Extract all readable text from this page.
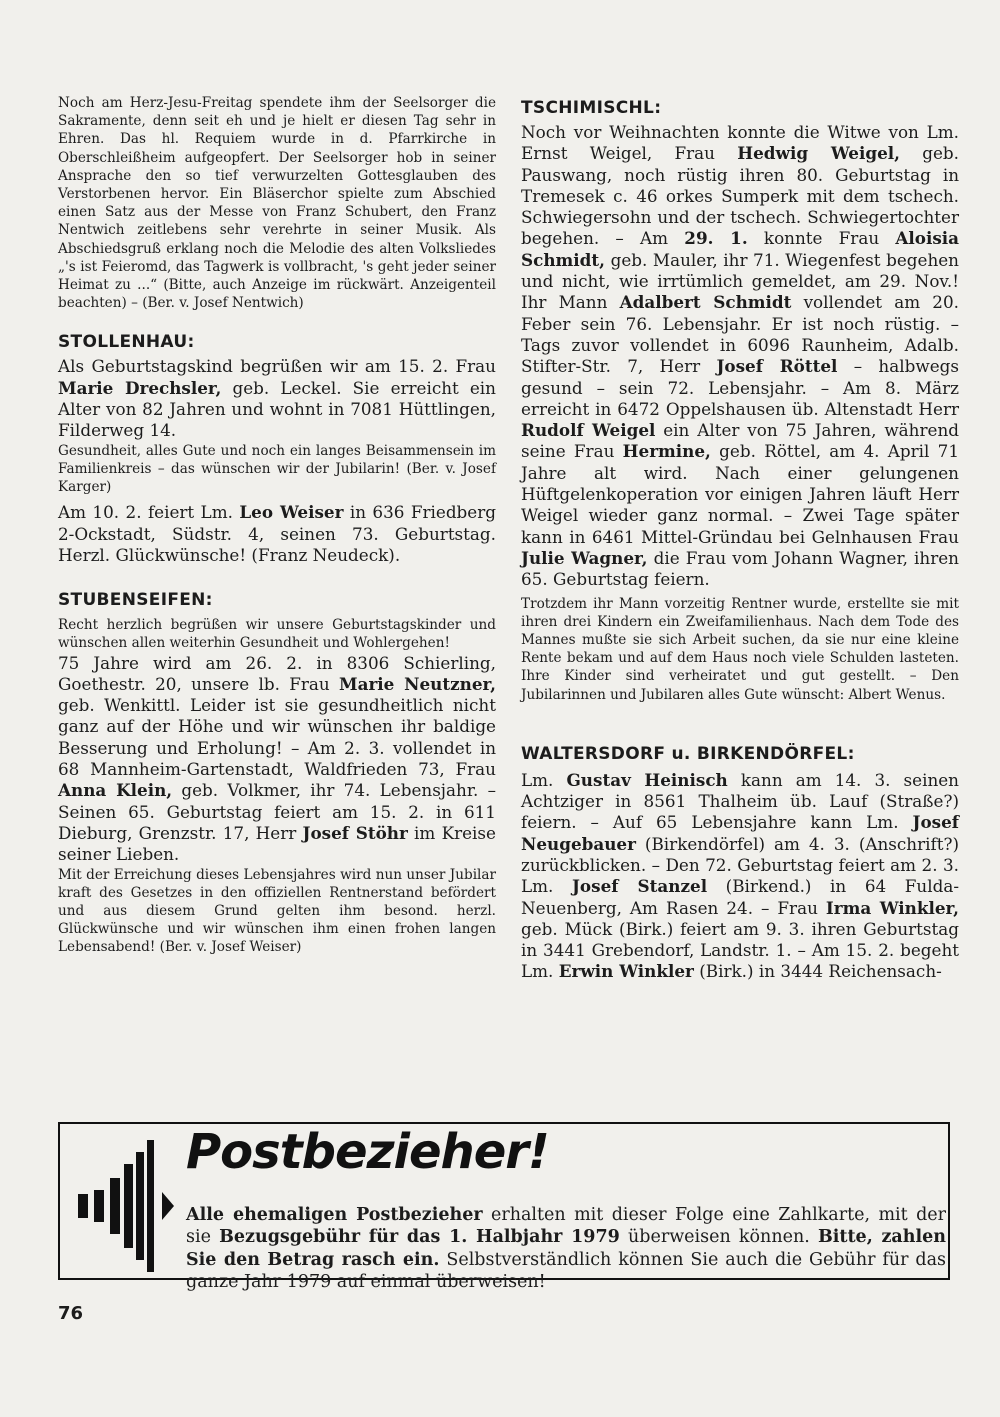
Noch am Herz-Jesu-Freitag spendete ihm der Seelsorger die Sakramente, denn seit eh und je hielt er diesen Tag sehr in Ehren. Das hl. Requiem wurde in d. Pfarrkirche in Oberschleißheim aufgeopfert. Der Seelsorger hob in seiner Ansprache den so tief verwurzelten Gottesglauben des Verstorbenen hervor. Ein Bläserchor spielte zum Abschied einen Satz aus der Messe von Franz Schubert, den Franz Nentwich zeitlebens sehr verehrte in seiner Musik. Als Abschiedsgruß erklang noch die Melodie des alten Volksliedes „'s ist Feieromd, das Tagwerk is vollbracht, 's geht jeder seiner Heimat zu ...“ (Bitte, auch Anzeige im rückwärt. Anzeigenteil beachten) – (Ber. v. Josef Nentwich)

STOLLENHAU:

Als Geburtstagskind begrüßen wir am 15. 2. Frau Marie Drechsler, geb. Leckel. Sie erreicht ein Alter von 82 Jahren und wohnt in 7081 Hüttlingen, Filderweg 14.

Gesundheit, alles Gute und noch ein langes Beisammensein im Familienkreis – das wünschen wir der Jubilarin! (Ber. v. Josef Karger)

Am 10. 2. feiert Lm. Leo Weiser in 636 Friedberg 2-Ockstadt, Südstr. 4, seinen 73. Geburtstag. Herzl. Glückwünsche! (Franz Neudeck).

STUBENSEIFEN:

Recht herzlich begrüßen wir unsere Geburtstagskinder und wünschen allen weiterhin Gesundheit und Wohlergehen!

75 Jahre wird am 26. 2. in 8306 Schierling, Goethestr. 20, unsere lb. Frau Marie Neutzner, geb. Wenkittl. Leider ist sie gesundheitlich nicht ganz auf der Höhe und wir wünschen ihr baldige Besserung und Erholung! – Am 2. 3. vollendet in 68 Mannheim-Gartenstadt, Waldfrieden 73, Frau Anna Klein, geb. Volkmer, ihr 74. Lebensjahr. – Seinen 65. Geburtstag feiert am 15. 2. in 611 Dieburg, Grenzstr. 17, Herr Josef Stöhr im Kreise seiner Lieben.

Mit der Erreichung dieses Lebensjahres wird nun unser Jubilar kraft des Gesetzes in den offiziellen Rentnerstand befördert und aus diesem Grund gelten ihm besond. herzl. Glückwünsche und wir wünschen ihm einen frohen langen Lebensabend! (Ber. v. Josef Weiser)

TSCHIMISCHL:

Noch vor Weihnachten konnte die Witwe von Lm. Ernst Weigel, Frau Hedwig Weigel, geb. Pauswang, noch rüstig ihren 80. Geburtstag in Tremesek c. 46 orkes Sumperk mit dem tschech. Schwiegersohn und der tschech. Schwiegertochter begehen. – Am 29. 1. konnte Frau Aloisia Schmidt, geb. Mauler, ihr 71. Wiegenfest begehen und nicht, wie irrtümlich gemeldet, am 29. Nov.! Ihr Mann Adalbert Schmidt vollendet am 20. Feber sein 76. Lebensjahr. Er ist noch rüstig. – Tags zuvor vollendet in 6096 Raunheim, Adalb. Stifter-Str. 7, Herr Josef Röttel – halbwegs gesund – sein 72. Lebensjahr. – Am 8. März erreicht in 6472 Oppelshausen üb. Altenstadt Herr Rudolf Weigel ein Alter von 75 Jahren, während seine Frau Hermine, geb. Röttel, am 4. April 71 Jahre alt wird. Nach einer gelungenen Hüftgelenkoperation vor einigen Jahren läuft Herr Weigel wieder ganz normal. – Zwei Tage später kann in 6461 Mittel-Gründau bei Gelnhausen Frau Julie Wagner, die Frau vom Johann Wagner, ihren 65. Geburtstag feiern.

Trotzdem ihr Mann vorzeitig Rentner wurde, erstellte sie mit ihren drei Kindern ein Zweifamilienhaus. Nach dem Tode des Mannes mußte sie sich Arbeit suchen, da sie nur eine kleine Rente bekam und auf dem Haus noch viele Schulden lasteten. Ihre Kinder sind verheiratet und gut gestellt. – Den Jubilarinnen und Jubilaren alles Gute wünscht: Albert Wenus.

WALTERSDORF u. BIRKENDÖRFEL:

Lm. Gustav Heinisch kann am 14. 3. seinen Achtziger in 8561 Thalheim üb. Lauf (Straße?) feiern. – Auf 65 Lebensjahre kann Lm. Josef Neugebauer (Birkendörfel) am 4. 3. (Anschrift?) zurückblicken. – Den 72. Geburtstag feiert am 2. 3. Lm. Josef Stanzel (Birkend.) in 64 Fulda-Neuenberg, Am Rasen 24. – Frau Irma Winkler, geb. Mück (Birk.) feiert am 9. 3. ihren Geburtstag in 3441 Grebendorf, Landstr. 1. – Am 15. 2. begeht Lm. Erwin Winkler (Birk.) in 3444 Reichensach-

Postbezieher!

Alle ehemaligen Postbezieher erhalten mit dieser Folge eine Zahlkarte, mit der sie Bezugsgebühr für das 1. Halbjahr 1979 überweisen können. Bitte, zahlen Sie den Betrag rasch ein. Selbstverständlich können Sie auch die Gebühr für das ganze Jahr 1979 auf einmal überweisen!

76
